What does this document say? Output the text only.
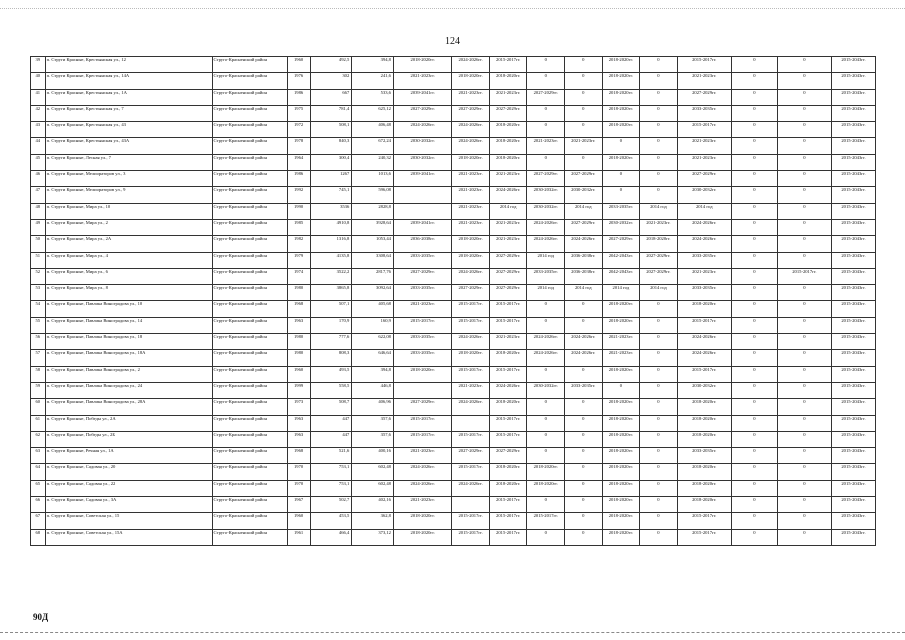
124
39	п. Струги Красные, Крестьянская ул., 12	Струго-Красненский район	1960	492,5	394,8	2018-2020гг.	2024-2026гг.	2015-2017гг.	0	0	2018-2020гг.	0	2015-2017гг.	0	0	2015-2043гг.
40	п. Струги Красные, Крестьянская ул., 14А	Струго-Красненский район	1976	302	241,6	2021-2023гг.	2018-2020гг.	2018-2020гг.	0	0	2018-2020гг.	0	2021-2023гг.	0	0	2015-2043гг.
41	п. Струги Красные, Крестьянская ул., 1А	Струго-Красненский район	1986	667	533,6	2039-2041гг.	2021-2023гг.	2021-2023гг.	2027-2029гг.	0	2018-2020гг.	0	2027-2029гг.	0	0	2015-2043гг.
42	п. Струги Красные, Крестьянская ул., 7	Струго-Красненский район	1975	781,4	625,12	2027-2029гг.	2027-2029гг.	2027-2029гг.	0	0	2018-2020гг.	0	2033-2035гг.	0	0	2015-2043гг.
43	п. Струги Красные, Крестьянская ул., 43	Струго-Красненский район	1972	508,1	406,48	2024-2026гг.	2024-2026гг.	2018-2020гг.	0	0	2018-2020гг.	0	2015-2017гг.	0	0	2015-2043гг.
44	п. Струги Красные, Крестьянская ул., 43А	Струго-Красненский район	1978	840,3	672,24	2030-2032гг.	2024-2026гг.	2018-2020гг.	2021-2023гг.	2021-2023гг.	0	0	2021-2023гг.	0	0	2015-2043гг.
45	п. Струги Красные, Лесная ул., 7	Струго-Красненский район	1964	300,4	240,32	2030-2032гг.	2018-2020гг.	2018-2020гг.	0	0	2018-2020гг.	0	2021-2023гг.	0	0	2015-2043гг.
46	п. Струги Красные, Мелиораторов ул., 3	Струго-Красненский район	1986	1267	1013,6	2039-2041гг.	2021-2023гг.	2021-2023гг.	2027-2029гг.	2027-2029гг.	0	0	2027-2029гг.	0	0	2015-2043гг.
47	п. Струги Красные, Мелиораторов ул., 9	Струго-Красненский район	1992	745,1	596,08		2021-2023гг.	2024-2026гг.	2030-2032гг.	2030-2032гг.	0	0	2030-2032гг.	0	0	2015-2043гг.
48	п. Струги Красные, Мира ул., 10	Струго-Красненский район	1990	3536	2828,8		2021-2023гг.	2014 год	2030-2032гг.	2014 год	2033-2035гг.	2014 год	2014 год	0	0	2015-2043гг.
49	п. Струги Красные, Мира ул., 2	Струго-Красненский район	1985	4910,8	3928,64	2039-2041гг.	2021-2023гг.	2021-2023гг.	2024-2026гг.	2027-2029гг.	2030-2032гг.	2021-2023гг.	2024-2026гг.	0	0	2015-2043гг.
50	п. Струги Красные, Мира ул., 2А	Струго-Красненский район	1982	1316,8	1053,44	2036-2038гг.	2018-2020гг.	2021-2023гг.	2024-2026гг.	2024-2026гг.	2027-2029гг.	2018-2020гг.	2024-2026гг.	0	0	2015-2043гг.
51	п. Струги Красные, Мира ул., 4	Струго-Красненский район	1979	4135,8	3308,64	2033-2035гг.	2018-2020гг.	2027-2029гг.	2014 год	2036-2038гг.	2042-2043гг.	2027-2029гг.	2033-2035гг.	0	0	2015-2043гг.
52	п. Струги Красные, Мира ул., 6	Струго-Красненский район	1974	3522,2	2817,76	2027-2029гг.	2024-2026гг.	2027-2029гг.	2033-2035гг.	2036-2038гг.	2042-2043гг.	2027-2029гг.	2021-2023гг.	0	2015-2017гг.	2015-2043гг.
53	п. Струги Красные, Мира ул., 8	Струго-Красненский район	1980	3865,8	3092,64	2033-2035гг.	2027-2029гг.	2027-2029гг.	2014 год	2014 год	2014 год	2014 год	2033-2035гг.	0	0	2015-2043гг.
54	п. Струги Красные, Павлика Виноградова ул., 10	Струго-Красненский район	1968	507,1	405,68	2021-2023гг.	2015-2017гг.	2015-2017гг.	0	0	2018-2020гг.	0	2018-2020гг.	0	0	2015-2043гг.
55	п. Струги Красные, Павлика Виноградова ул., 14	Струго-Красненский район	1963	170,9	160,9	2015-2017гг.	2015-2017гг.	2015-2017гг.	0	0	2018-2020гг.	0	2015-2017гг.	0	0	2015-2043гг.
56	п. Струги Красные, Павлика Виноградова ул., 18	Струго-Красненский район	1980	777,6	622,08	2033-2035гг.	2024-2026гг.	2021-2023гг.	2024-2026гг.	2024-2026гг.	2021-2023гг.	0	2024-2026гг.	0	0	2015-2043гг.
57	п. Струги Красные, Павлика Виноградова ул., 18А	Струго-Красненский район	1980	808,3	646,64	2033-2035гг.	2018-2020гг.	2018-2020гг.	2024-2026гг.	2024-2026гг.	2021-2023гг.	0	2024-2026гг.	0	0	2015-2043гг.
58	п. Струги Красные, Павлика Виноградова ул., 2	Струго-Красненский район	1960	493,5	394,8	2018-2020гг.	2015-2017гг.	2015-2017гг.	0	0	2018-2020гг.	0	2015-2017гг.	0	0	2015-2043гг.
59	п. Струги Красные, Павлика Виноградова ул., 24	Струго-Красненский район	1999	558,5	446,8		2021-2023гг.	2024-2026гг.	2030-2032гг.	2033-2035гг.	0	0	2030-2032гг.	0	0	2015-2043гг.
60	п. Струги Красные, Павлика Виноградова ул., 28А	Струго-Красненский район	1973	508,7	406,96	2027-2029гг.	2024-2026гг.	2018-2020гг.	0	0	2018-2020гг.	0	2018-2020гг.	0	0	2015-2043гг.
61	п. Струги Красные, Победы ул., 2А	Струго-Красненский район	1963	447	357,6	2015-2017гг.		2015-2017гг.	0	0	2018-2020гг.	0	2018-2020гг.	0	0	2015-2043гг.
62	п. Струги Красные, Победы ул., 2Б	Струго-Красненский район	1963	447	357,6	2015-2017гг.	2015-2017гг.	2015-2017гг.	0	0	2018-2020гг.	0	2018-2020гг.	0	0	2015-2043гг.
63	п. Струги Красные, Речная ул., 1А	Струго-Красненский район	1968	521,6	400,16	2021-2023гг.	2027-2029гг.	2027-2029гг.	0	0	2018-2020гг.	0	2033-2035гг.	0	0	2015-2043гг.
64	п. Струги Красные, Садовая ул., 20	Струго-Красненский район	1970	753,1	602,48	2024-2026гг.	2015-2017гг.	2018-2020гг.	2018-2020гг.	0	2018-2020гг.	0	2018-2020гг.	0	0	2015-2043гг.
65	п. Струги Красные, Садовая ул., 22	Струго-Красненский район	1970	753,1	602,48	2024-2026гг.	2024-2026гг.	2018-2020гг.	2018-2020гг.	0	2018-2020гг.	0	2018-2020гг.	0	0	2015-2043гг.
66	п. Струги Красные, Садовая ул., 3А	Струго-Красненский район	1967	502,7	402,16	2021-2023гг.		2015-2017гг.	0	0	2018-2020гг.	0	2018-2020гг.	0	0	2015-2043гг.
67	п. Струги Красные, Советская ул., 15	Струго-Красненский район	1960	453,5	362,8	2018-2020гг.	2015-2017гг.	2015-2017гг.	2015-2017гг.	0	2018-2020гг.	0	2015-2017гг.	0	0	2015-2043гг.
68	п. Струги Красные, Советская ул., 15А	Струго-Красненский район	1961	466,4	373,12	2018-2020гг.	2015-2017гг.	2015-2017гг.	0	0	2018-2020гг.	0	2015-2017гг.	0	0	2015-2043гг.
90Д
